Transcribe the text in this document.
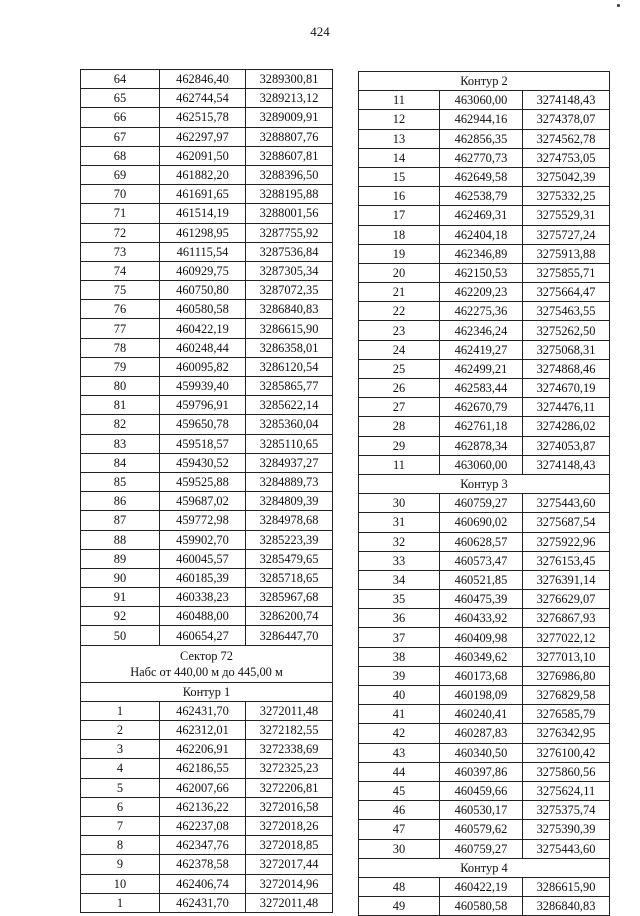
424
64	462846,40	3289300,81
65	462744,54	3289213,12
66	462515,78	3289009,91
67	462297,97	3288807,76
68	462091,50	3288607,81
69	461882,20	3288396,50
70	461691,65	3288195,88
71	461514,19	3288001,56
72	461298,95	3287755,92
73	461115,54	3287536,84
74	460929,75	3287305,34
75	460750,80	3287072,35
76	460580,58	3286840,83
77	460422,19	3286615,90
78	460248,44	3286358,01
79	460095,82	3286120,54
80	459939,40	3285865,77
81	459796,91	3285622,14
82	459650,78	3285360,04
83	459518,57	3285110,65
84	459430,52	3284937,27
85	459525,88	3284889,73
86	459687,02	3284809,39
87	459772,98	3284978,68
88	459902,70	3285223,39
89	460045,57	3285479,65
90	460185,39	3285718,65
91	460338,23	3285967,68
92	460488,00	3286200,74
50	460654,27	3286447,70

Сектор 72
Набс от 440,00 м до 445,00 м		

Контур 1		
1	462431,70	3272011,48
2	462312,01	3272182,55
3	462206,91	3272338,69
4	462186,55	3272325,23
5	462007,66	3272206,81
6	462136,22	3272016,58
7	462237,08	3272018,26
8	462347,76	3272018,85
9	462378,58	3272017,44
10	462406,74	3272014,96
1	462431,70	3272011,48
Контур 2		
11	463060,00	3274148,43
12	462944,16	3274378,07
13	462856,35	3274562,78
14	462770,73	3274753,05
15	462649,58	3275042,39
16	462538,79	3275332,25
17	462469,31	3275529,31
18	462404,18	3275727,24
19	462346,89	3275913,88
20	462150,53	3275855,71
21	462209,23	3275664,47
22	462275,36	3275463,55
23	462346,24	3275262,50
24	462419,27	3275068,31
25	462499,21	3274868,46
26	462583,44	3274670,19
27	462670,79	3274476,11
28	462761,18	3274286,02
29	462878,34	3274053,87
11	463060,00	3274148,43
Контур 3		
30	460759,27	3275443,60
31	460690,02	3275687,54
32	460628,57	3275922,96
33	460573,47	3276153,45
34	460521,85	3276391,14
35	460475,39	3276629,07
36	460433,92	3276867,93
37	460409,98	3277022,12
38	460349,62	3277013,10
39	460173,68	3276986,80
40	460198,09	3276829,58
41	460240,41	3276585,79
42	460287,83	3276342,95
43	460340,50	3276100,42
44	460397,86	3275860,56
45	460459,66	3275624,11
46	460530,17	3275375,74
47	460579,62	3275390,39
30	460759,27	3275443,60
Контур 4		
48	460422,19	3286615,90
49	460580,58	3286840,83
